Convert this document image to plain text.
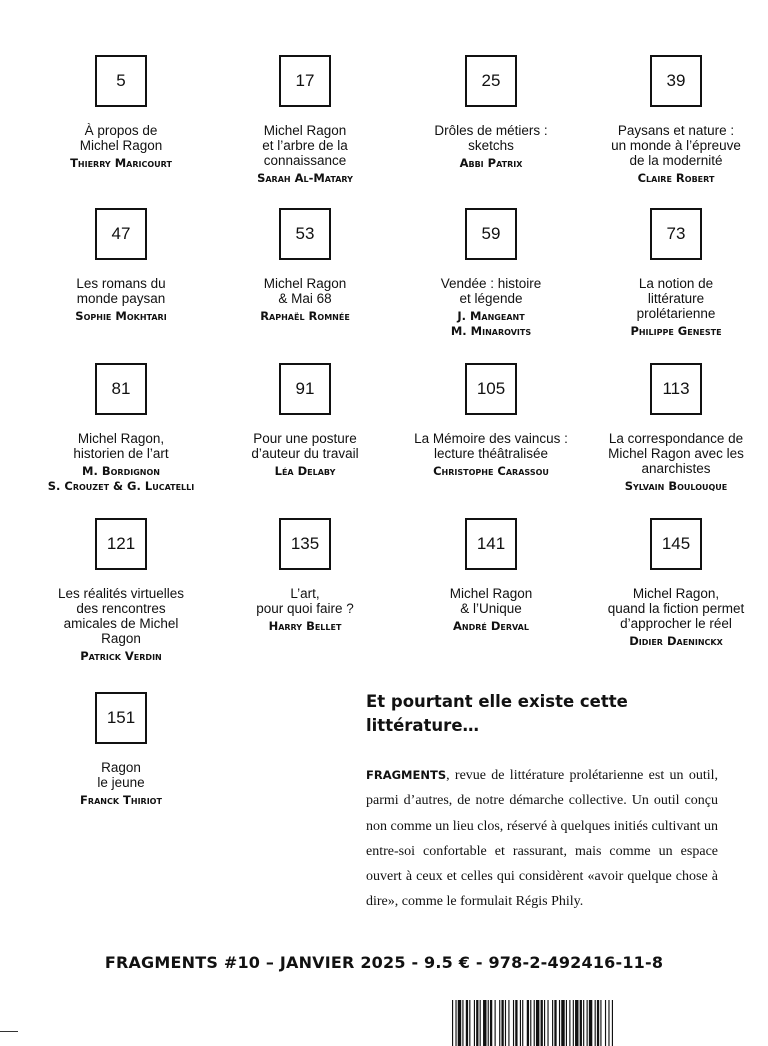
5
À propos de
Michel Ragon
Thierry Maricourt
17
Michel Ragon
et l’arbre de la
connaissance
Sarah Al-Matary
25
Drôles de métiers :
sketchs
Abbi Patrix
39
Paysans et nature :
un monde à l’épreuve
de la modernité
Claire Robert
47
Les romans du
monde paysan
Sophie Mokhtari
53
Michel Ragon
& Mai 68
Raphaël Romnée
59
Vendée : histoire
et légende
J. Mangeant
M. Minarovits
73
La notion de
littérature
prolétarienne
Philippe Geneste
81
Michel Ragon,
historien de l’art
M. Bordignon
S. Crouzet & G. Lucatelli
91
Pour une posture
d’auteur du travail
Léa Delaby
105
La Mémoire des vaincus :
lecture théâtralisée
Christophe Carassou
113
La correspondance de
Michel Ragon avec les
anarchistes
Sylvain Boulouque
121
Les réalités virtuelles
des rencontres
amicales de Michel
Ragon
Patrick Verdin
135
L’art,
pour quoi faire ?
Harry Bellet
141
Michel Ragon
& l’Unique
André Derval
145
Michel Ragon,
quand la fiction permet
d’approcher le réel
Didier Daeninckx
151
Ragon
le jeune
Franck Thiriot
Et pourtant elle existe cette littérature…
FRAGMENTS, revue de littérature prolétarienne est un outil, parmi d’autres, de notre démarche collective. Un outil conçu non comme un lieu clos, réservé à quelques initiés cultivant un entre-soi confortable et rassurant, mais comme un espace ouvert à ceux et celles qui considèrent «avoir quelque chose à dire», comme le formulait Régis Phily.
FRAGMENTS #10 – JANVIER 2025 - 9.5 € - 978-2-492416-11-8
